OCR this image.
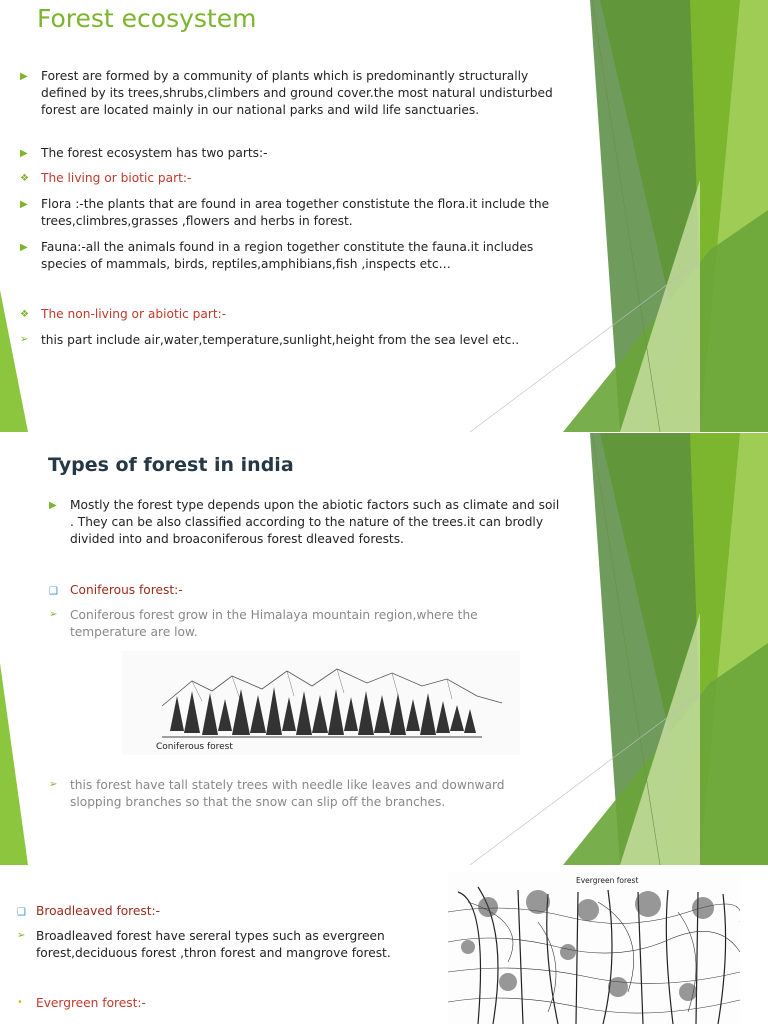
Forest ecosystem
▶ Forest are formed by a community of plants which is predominantly structurally defined by its trees,shrubs,climbers and ground cover.the most natural undisturbed forest are located mainly in our national parks and wild life sanctuaries.
▶ The forest ecosystem has two parts:-
❖ The living or biotic part:-
▶ Flora :-the plants that are found in area together constistute the flora.it include the trees,climbres,grasses ,flowers and herbs in forest.
▶ Fauna:-all the animals found in a region together constitute the fauna.it includes species of mammals, birds, reptiles,amphibians,fish ,inspects etc…
❖ The non-living or abiotic part:-
➢ this part include air,water,temperature,sunlight,height from the sea level etc..
Types of forest in india
▶ Mostly the forest type depends upon the abiotic factors such as climate and soil . They can be also classified according to the nature of the trees.it can brodly divided into and broaconiferous forest dleaved forests.
❑ Coniferous forest:-
➢ Coniferous forest grow in the Himalaya mountain region,where the temperature are low.
Coniferous forest
➢ this forest have tall stately trees with needle like leaves and downward slopping branches so that the snow can slip off the branches.
❑ Broadleaved forest:-
➢ Broadleaved forest have sereral types such as evergreen forest,deciduous forest ,thron forest and mangrove forest.
• Evergreen forest:-
Evergreen forest
